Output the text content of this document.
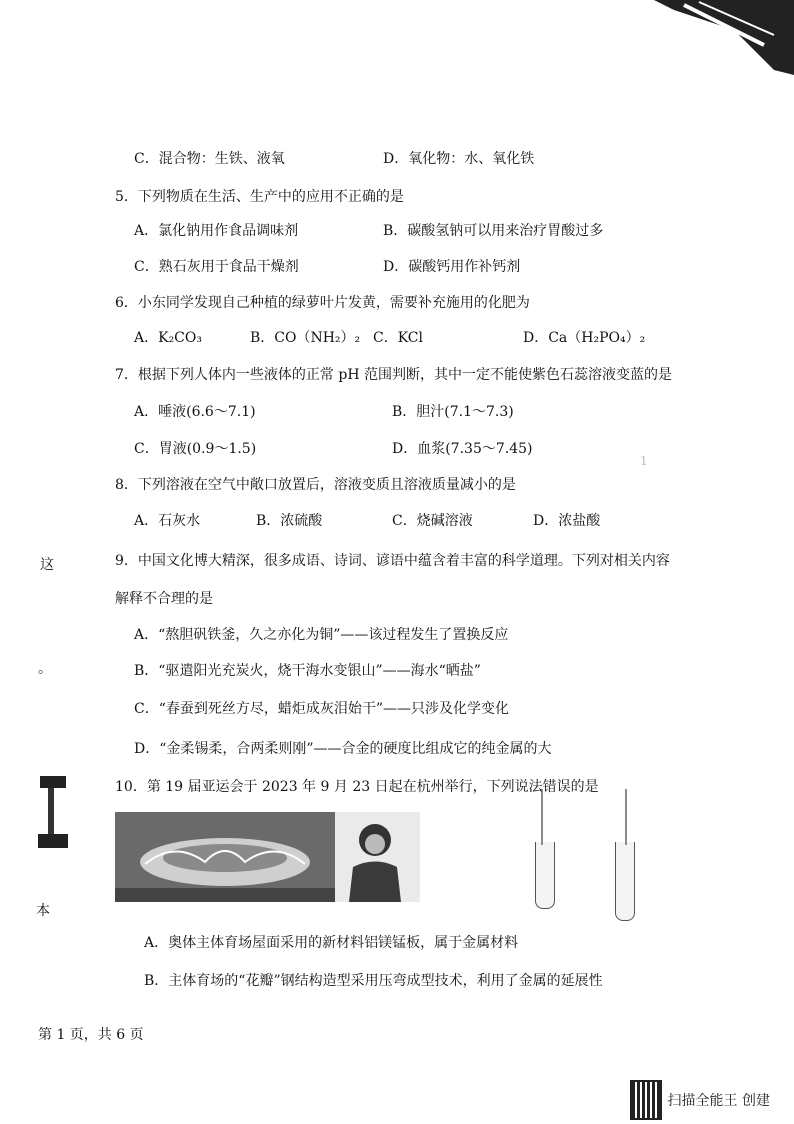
C．混合物：生铁、液氧	D．氧化物：水、氧化铁
5．下列物质在生活、生产中的应用不正确的是
A．氯化钠用作食品调味剂	B．碳酸氢钠可以用来治疗胃酸过多
C．熟石灰用于食品干燥剂	D．碳酸钙用作补钙剂
6．小东同学发现自己种植的绿萝叶片发黄，需要补充施用的化肥为
A．K₂CO₃	B．CO（NH₂）₂ C．KCl	D．Ca（H₂PO₄）₂
7．根据下列人体内一些液体的正常 pH 范围判断，其中一定不能使紫色石蕊溶液变蓝的是
A．唾液(6.6～7.1)	B．胆汁(7.1～7.3)
C．胃液(0.9～1.5)	D．血浆(7.35～7.45)
8．下列溶液在空气中敞口放置后，溶液变质且溶液质量减小的是
A．石灰水	B．浓硫酸	C．烧碱溶液	D．浓盐酸
9．中国文化博大精深，很多成语、诗词、谚语中蕴含着丰富的科学道理。下列对相关内容
解释不合理的是
A．“熬胆矾铁釜，久之亦化为铜”——该过程发生了置换反应
B．“驱遣阳光充炭火，烧干海水变银山”——海水“晒盐”
C．“春蚕到死丝方尽，蜡炬成灰泪始干”——只涉及化学变化
D．“金柔锡柔，合两柔则刚”——合金的硬度比组成它的纯金属的大
10．第 19 届亚运会于 2023 年 9 月 23 日起在杭州举行，下列说法错误的是
A．奥体主体育场屋面采用的新材料铝镁锰板，属于金属材料
B．主体育场的“花瓣”钢结构造型采用压弯成型技术，利用了金属的延展性
这
。
本
1
第 1 页，共 6 页
扫描全能王 创建
